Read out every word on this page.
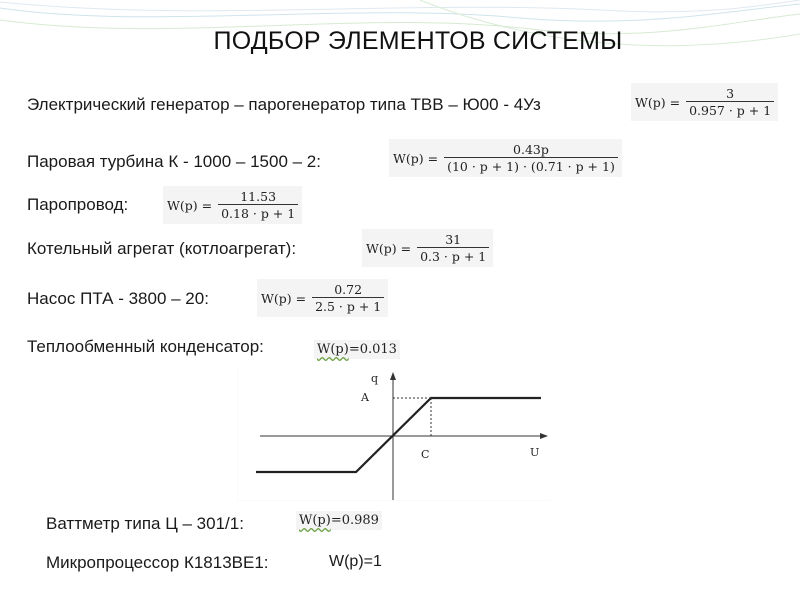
ПОДБОР ЭЛЕМЕНТОВ СИСТЕМЫ
Электрический генератор – парогенератор типа ТВВ – Ю00 - 4Уз	$W(p) = \frac{3}{0.957 \cdot p + 1}$
Паровая турбина К - 1000 – 1500 – 2:	$W(p) = \frac{0.43p}{(10 \cdot p + 1) \cdot (0.71 \cdot p + 1)}$
Паропровод:	$W(p) = \frac{11.53}{0.18 \cdot p + 1}$
Котельный агрегат (котлоагрегат):	$W(p) = \frac{31}{0.3 \cdot p + 1}$
Насос ПТА - 3800 – 20:	$W(p) = \frac{0.72}{2.5 \cdot p + 1}$
Теплообменный конденсатор:	W(p)=0.013
q
A
C	U
Ваттметр типа Ц – 301/1:	W(p)=0.989
Микропроцессор К1813ВЕ1:	W(p)=1
